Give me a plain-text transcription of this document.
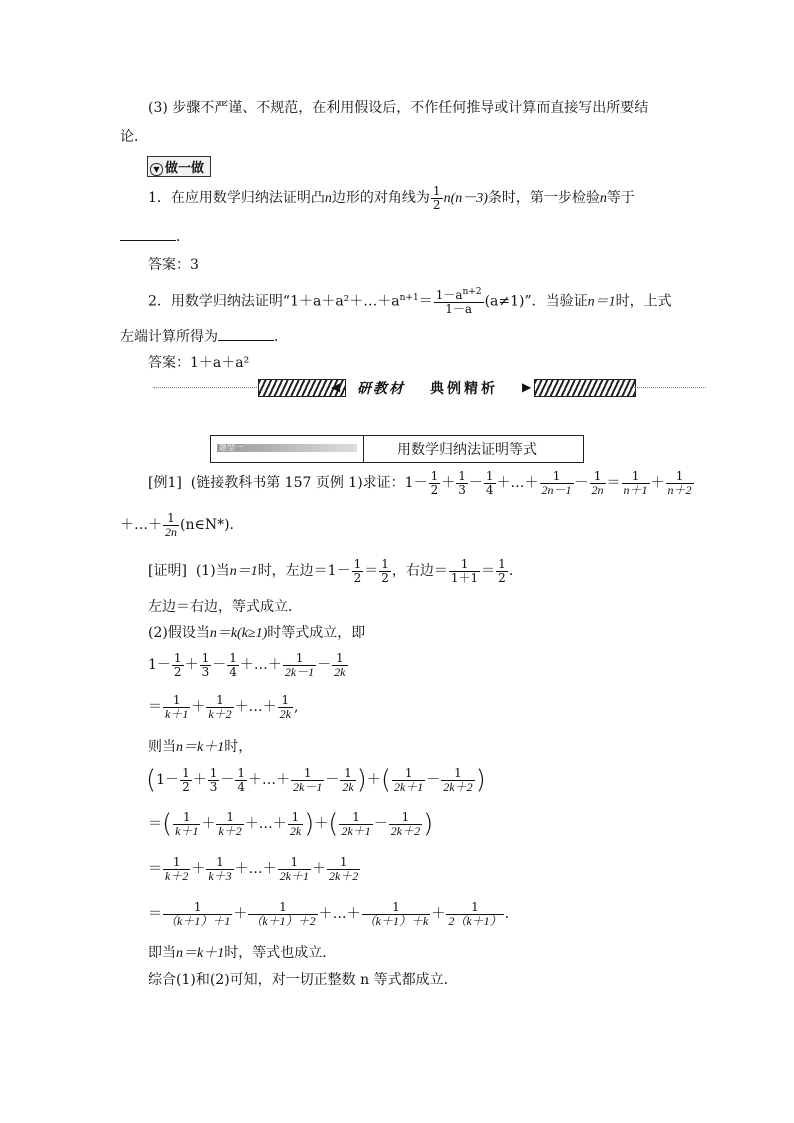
(3) 步骤不严谨、不规范，在利用假设后，不作任何推导或计算而直接写出所要结
论．
▼ 做一做
1．在应用数学归纳法证明凸n边形的对角线为 $\frac{1}{2} n(n-3)$条时，第一步检验n等于
．
答案：3
2．用数学归纳法证明“$1+a+a^2+\dots+a^{n+1}= \frac{1-a^{n+2}}{1-a} (a\ne 1)$”．当验证n＝1时，上式
左端计算所得为	．
答案：1＋a＋a²
◀ 研教材 典例精析 ▶
题型一	用数学归纳法证明等式
[例1] (链接教科书第 157 页例 1)求证：$1- \frac{1}{2} + \frac{1}{3} - \frac{1}{4}$ ＋…＋ $\frac{1}{2n-1} - \frac{1}{2n} = \frac{1}{n+1} + \frac{1}{n+2}$
＋…＋ $\frac{1}{2n}$ (n∈N*)．
[证明] (1)当n＝1时，左边$=1- \frac{1}{2} = \frac{1}{2}$ ，右边＝ $\frac{1}{1+1} = \frac{1}{2}$ .
左边＝右边，等式成立．
(2)假设当n＝k(k≥1)时等式成立，即
$1- \frac{1}{2} + \frac{1}{3} - \frac{1}{4}$ ＋…＋ $\frac{1}{2k-1} - \frac{1}{2k}$
＝ $\frac{1}{k+1} + \frac{1}{k+2}$ ＋…＋ $\frac{1}{2k}$ ,
则当n＝k＋1时，
($1- \frac{1}{2} + \frac{1}{3} - \frac{1}{4}$ ＋…＋ $\frac{1}{2k-1} - \frac{1}{2k}$ )＋( $\frac{1}{2k+1} - \frac{1}{2k+2}$ )
＝( $\frac{1}{k+1} + \frac{1}{k+2}$ ＋…＋ $\frac{1}{2k}$ )＋( $\frac{1}{2k+1} - \frac{1}{2k+2}$ )
＝ $\frac{1}{k+2} + \frac{1}{k+3}$ ＋…＋ $\frac{1}{2k+1} + \frac{1}{2k+2}$
＝ $\frac{1}{(k+1)+1} + \frac{1}{(k+1)+2}$ ＋…＋ $\frac{1}{(k+1)+k} + \frac{1}{2(k+1)}$ .
即当n＝k＋1时，等式也成立．
综合(1)和(2)可知，对一切正整数 n 等式都成立．
